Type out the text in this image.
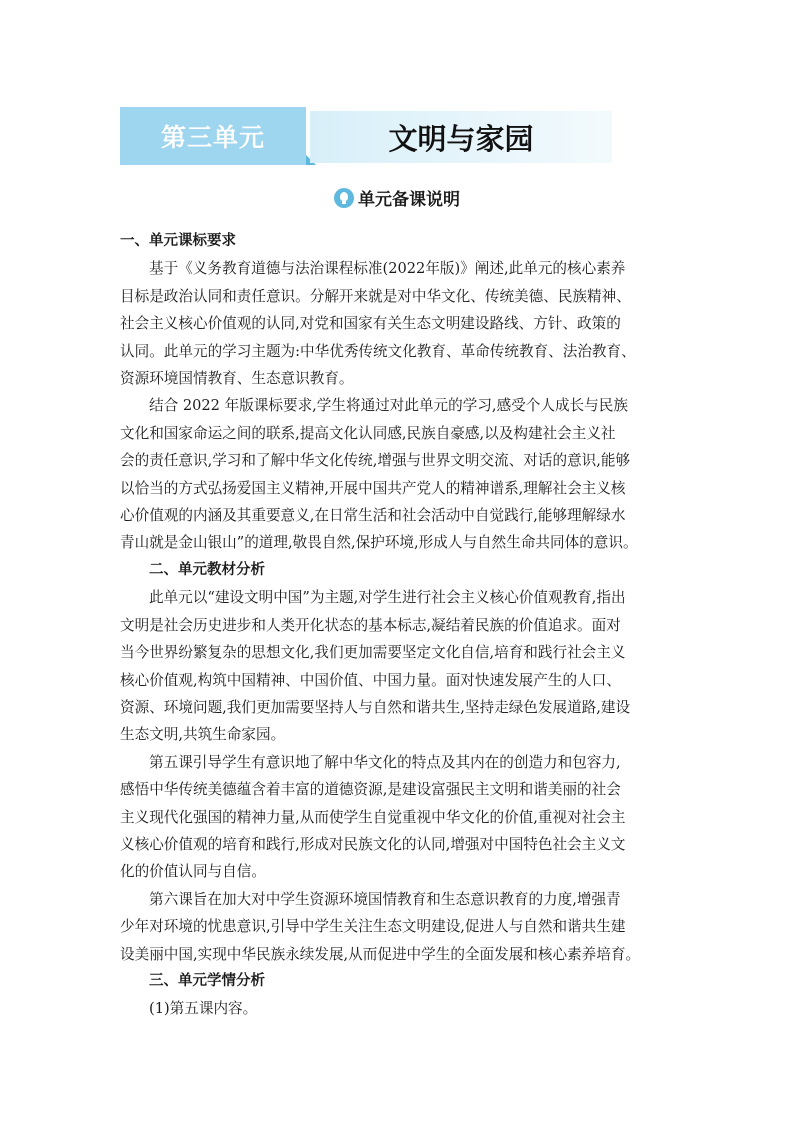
第三单元	文明与家园
单元备课说明
一、单元课标要求
基于《义务教育道德与法治课程标准(2022年版)》阐述,此单元的核心素养
目标是政治认同和责任意识。分解开来就是对中华文化、传统美德、民族精神、
社会主义核心价值观的认同,对党和国家有关生态文明建设路线、方针、政策的
认同。此单元的学习主题为:中华优秀传统文化教育、革命传统教育、法治教育、
资源环境国情教育、生态意识教育。
结合 2022 年版课标要求,学生将通过对此单元的学习,感受个人成长与民族
文化和国家命运之间的联系,提高文化认同感,民族自豪感,以及构建社会主义社
会的责任意识,学习和了解中华文化传统,增强与世界文明交流、对话的意识,能够
以恰当的方式弘扬爱国主义精神,开展中国共产党人的精神谱系,理解社会主义核
心价值观的内涵及其重要意义,在日常生活和社会活动中自觉践行,能够理解绿水
青山就是金山银山”的道理,敬畏自然,保护环境,形成人与自然生命共同体的意识。
二、单元教材分析
此单元以“建设文明中国”为主题,对学生进行社会主义核心价值观教育,指出
文明是社会历史进步和人类开化状态的基本标志,凝结着民族的价值追求。面对
当今世界纷繁复杂的思想文化,我们更加需要坚定文化自信,培育和践行社会主义
核心价值观,构筑中国精神、中国价值、中国力量。面对快速发展产生的人口、
资源、环境问题,我们更加需要坚持人与自然和谐共生,坚持走绿色发展道路,建设
生态文明,共筑生命家园。
第五课引导学生有意识地了解中华文化的特点及其内在的创造力和包容力,
感悟中华传统美德蕴含着丰富的道德资源,是建设富强民主文明和谐美丽的社会
主义现代化强国的精神力量,从而使学生自觉重视中华文化的价值,重视对社会主
义核心价值观的培育和践行,形成对民族文化的认同,增强对中国特色社会主义文
化的价值认同与自信。
第六课旨在加大对中学生资源环境国情教育和生态意识教育的力度,增强青
少年对环境的忧患意识,引导中学生关注生态文明建设,促进人与自然和谐共生建
设美丽中国,实现中华民族永续发展,从而促进中学生的全面发展和核心素养培育。
三、单元学情分析
(1)第五课内容。
